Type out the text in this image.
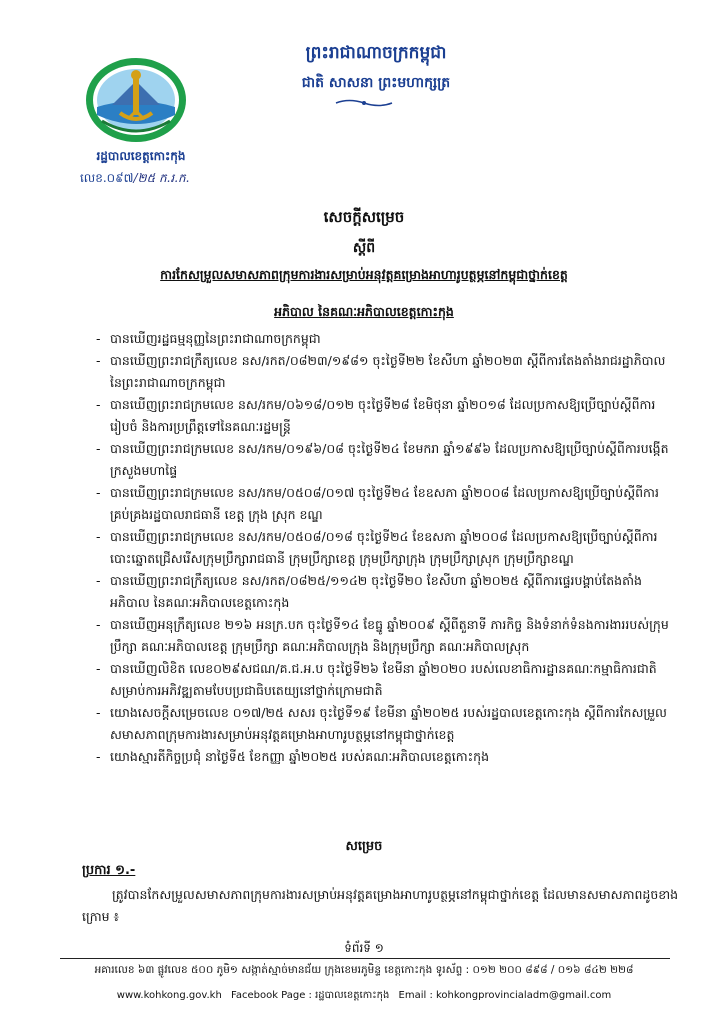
រដ្ឋបាលខេត្តកោះកុង
លេខ.០៩៧/២៥ ក.រ.ក.
ព្រះរាជាណាចក្រកម្ពុជា
ជាតិ សាសនា ព្រះមហាក្សត្រ
សេចក្តីសម្រេច
ស្តីពី
ការកែសម្រួលសមាសភាពក្រុមការងារសម្រាប់អនុវត្តគម្រោងអាហារូបត្ថម្ភនៅកម្ពុជាថ្នាក់ខេត្ត
អភិបាល នៃគណៈអភិបាលខេត្តកោះកុង
- បានឃើញរដ្ឋធម្មនុញ្ញនៃព្រះរាជាណាចក្រកម្ពុជា
- បានឃើញព្រះរាជក្រឹត្យលេខ នស/រកត/០៨២៣/១៩៨១ ចុះថ្ងៃទី២២ ខែសីហា ឆ្នាំ២០២៣ ស្តីពីការតែងតាំងរាជរដ្ឋាភិបាល នៃព្រះរាជាណាចក្រកម្ពុជា
- បានឃើញព្រះរាជក្រមលេខ នស/រកម/០៦១៨/០១២ ចុះថ្ងៃទី២៨ ខែមិថុនា ឆ្នាំ២០១៨ ដែលប្រកាសឱ្យប្រើច្បាប់ស្តីពីការរៀបចំ និងការប្រព្រឹត្តទៅនៃគណៈរដ្ឋមន្ត្រី
- បានឃើញព្រះរាជក្រមលេខ នស/រកម/០១៩៦/០៨ ចុះថ្ងៃទី២៤ ខែមករា ឆ្នាំ១៩៩៦ ដែលប្រកាសឱ្យប្រើច្បាប់ស្តីពីការបង្កើតក្រសួងមហាផ្ទៃ
- បានឃើញព្រះរាជក្រមលេខ នស/រកម/០៥០៨/០១៧ ចុះថ្ងៃទី២៤ ខែឧសភា ឆ្នាំ២០០៨ ដែលប្រកាសឱ្យប្រើច្បាប់ស្តីពីការគ្រប់គ្រងរដ្ឋបាលរាជធានី ខេត្ត ក្រុង ស្រុក ខណ្ឌ
- បានឃើញព្រះរាជក្រមលេខ នស/រកម/០៥០៨/០១៨ ចុះថ្ងៃទី២៤ ខែឧសភា ឆ្នាំ២០០៨ ដែលប្រកាសឱ្យប្រើច្បាប់ស្តីពីការបោះឆ្នោតជ្រើសរើសក្រុមប្រឹក្សារាជធានី ក្រុមប្រឹក្សាខេត្ត ក្រុមប្រឹក្សាក្រុង ក្រុមប្រឹក្សាស្រុក ក្រុមប្រឹក្សាខណ្ឌ
- បានឃើញព្រះរាជក្រឹត្យលេខ នស/រកត/០៨២៥/១១៤២ ចុះថ្ងៃទី២០ ខែសីហា ឆ្នាំ២០២៥ ស្តីពីការផ្ទេរបង្គាប់តែងតាំងអភិបាល នៃគណៈអភិបាលខេត្តកោះកុង
- បានឃើញអនុក្រឹត្យលេខ ២១៦ អនក្រ.បក ចុះថ្ងៃទី១៤ ខែធ្នូ ឆ្នាំ២០០៩ ស្តីពីតួនាទី ភារកិច្ច និងទំនាក់ទំនងការងាររបស់ក្រុមប្រឹក្សា គណៈអភិបាលខេត្ត ក្រុមប្រឹក្សា គណៈអភិបាលក្រុង និងក្រុមប្រឹក្សា គណៈអភិបាលស្រុក
- បានឃើញលិខិត លេខ០២៩សជណ/គ.ជ.អ.ប ចុះថ្ងៃទី២៦ ខែមីនា ឆ្នាំ២០២០ របស់លេខាធិការដ្ឋានគណៈកម្មាធិការជាតិសម្រាប់ការអភិវឌ្ឍតាមបែបប្រជាធិបតេយ្យនៅថ្នាក់ក្រោមជាតិ
- យោងសេចក្តីសម្រេចលេខ ០១៧/២៥ សសរ ចុះថ្ងៃទី១៩ ខែមីនា ឆ្នាំ២០២៥ របស់រដ្ឋបាលខេត្តកោះកុង ស្តីពីការកែសម្រួលសមាសភាពក្រុមការងារសម្រាប់អនុវត្តគម្រោងអាហារូបត្ថម្ភនៅកម្ពុជាថ្នាក់ខេត្ត
- យោងស្មារតីកិច្ចប្រជុំ នាថ្ងៃទី៥ ខែកញ្ញា ឆ្នាំ២០២៥ របស់គណៈអភិបាលខេត្តកោះកុង
សម្រេច
ប្រការ ១.-
ត្រូវបានកែសម្រួលសមាសភាពក្រុមការងារសម្រាប់អនុវត្តគម្រោងអាហារូបត្ថម្ភនៅកម្ពុជាថ្នាក់ខេត្ត ដែលមានសមាសភាពដូចខាងក្រោម ៖
ទំព័រទី ១
អគារលេខ ៦៣ ផ្លូវលេខ ៥០០ ភូមិ១ សង្កាត់ស្មាច់មានជ័យ ក្រុងខេមរភូមិន្ទ ខេត្តកោះកុង ទូរស័ព្ទ : ០១២ ២០០ ៨៩៨ / ០១៦ ៨៤២ ២២៨
www.kohkong.gov.kh Facebook Page : រដ្ឋបាលខេត្តកោះកុង Email : kohkongprovincialadm@gmail.com
